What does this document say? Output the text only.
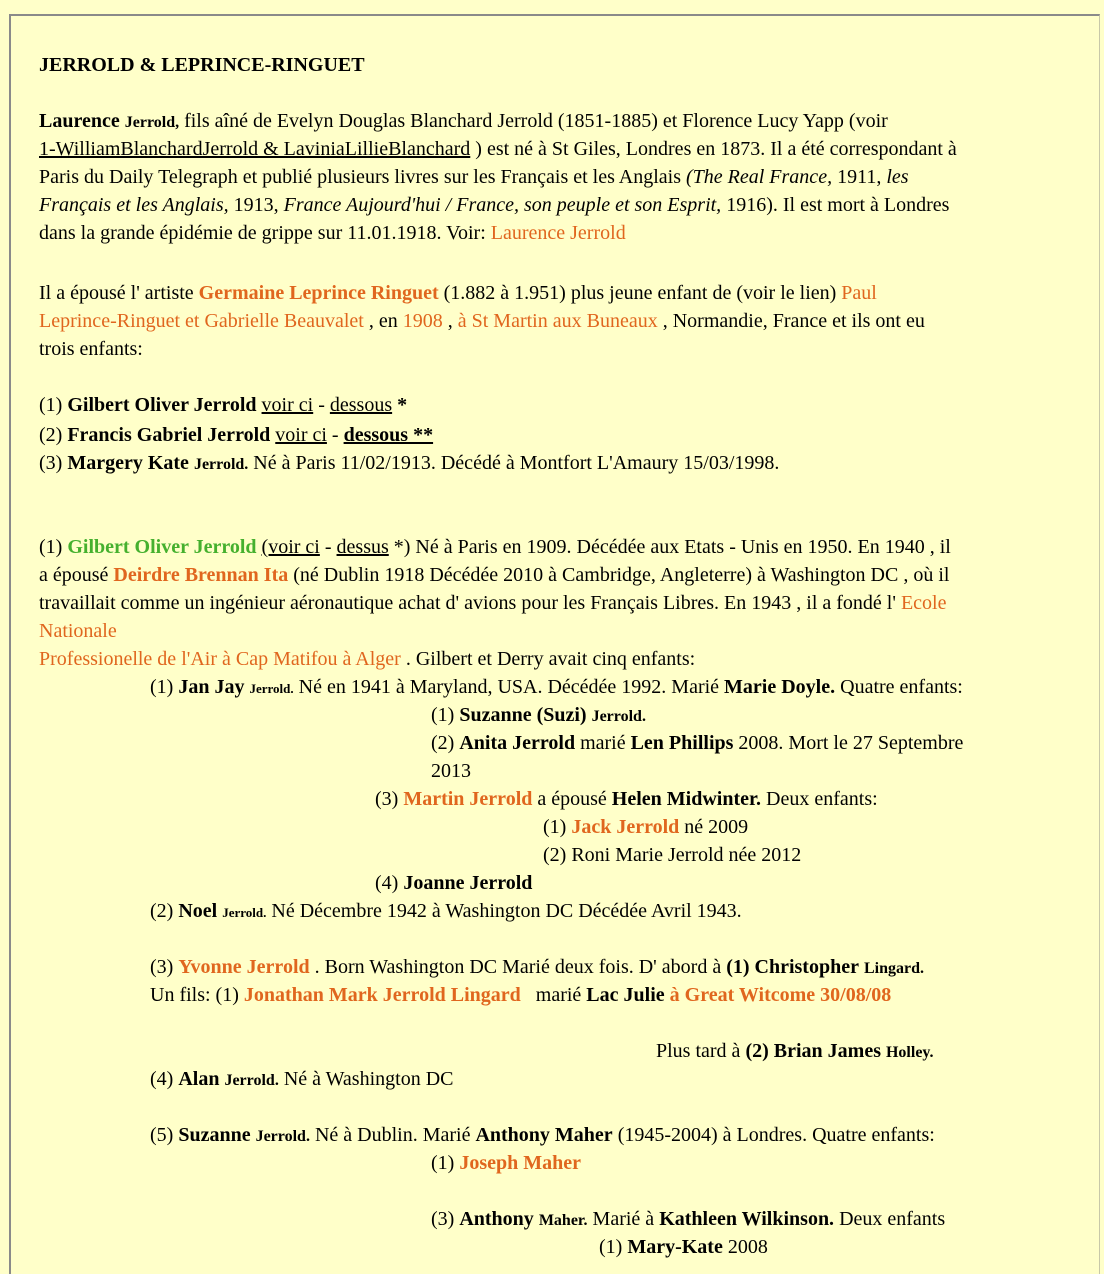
JERROLD & LEPRINCE-RINGUET
Laurence Jerrold, fils aîné de Evelyn Douglas Blanchard Jerrold (1851-1885) et Florence Lucy Yapp (voir
1-WilliamBlanchardJerrold & LaviniaLillieBlanchard ) est né à St Giles, Londres en 1873. Il a été correspondant à
Paris du Daily Telegraph et publié plusieurs livres sur les Français et les Anglais (The Real France, 1911, les
Français et les Anglais, 1913, France Aujourd'hui / France, son peuple et son Esprit, 1916). Il est mort à Londres
dans la grande épidémie de grippe sur 11.01.1918. Voir: Laurence Jerrold
Il a épousé l' artiste Germaine Leprince Ringuet (1.882 à 1.951) plus jeune enfant de (voir le lien) Paul
Leprince-Ringuet et Gabrielle Beauvalet , en 1908 , à St Martin aux Buneaux , Normandie, France et ils ont eu
trois enfants:
(1) Gilbert Oliver Jerrold voir ci - dessous *
(2) Francis Gabriel Jerrold voir ci - dessous **
(3) Margery Kate Jerrold. Né à Paris 11/02/1913. Décédé à Montfort L'Amaury 15/03/1998.
(1) Gilbert Oliver Jerrold (voir ci - dessus *) Né à Paris en 1909. Décédée aux Etats - Unis en 1950. En 1940 , il
a épousé Deirdre Brennan Ita (né Dublin 1918 Décédée 2010 à Cambridge, Angleterre) à Washington DC , où il
travaillait comme un ingénieur aéronautique achat d' avions pour les Français Libres. En 1943 , il a fondé l' Ecole
Nationale
Professionelle de l'Air à Cap Matifou à Alger . Gilbert et Derry avait cinq enfants:
(1) Jan Jay Jerrold. Né en 1941 à Maryland, USA. Décédée 1992. Marié Marie Doyle. Quatre enfants:
(1) Suzanne (Suzi) Jerrold.
(2) Anita Jerrold marié Len Phillips 2008. Mort le 27 Septembre
2013
(3) Martin Jerrold a épousé Helen Midwinter. Deux enfants:
(1) Jack Jerrold né 2009
(2) Roni Marie Jerrold née 2012
(4) Joanne Jerrold
(2) Noel Jerrold. Né Décembre 1942 à Washington DC Décédée Avril 1943.
(3) Yvonne Jerrold . Born Washington DC Marié deux fois. D' abord à (1) Christopher Lingard.
Un fils: (1) Jonathan Mark Jerrold Lingard   marié Lac Julie à Great Witcome 30/08/08
Plus tard à (2) Brian James Holley.
(4) Alan Jerrold. Né à Washington DC
(5) Suzanne Jerrold. Né à Dublin. Marié Anthony Maher (1945-2004) à Londres. Quatre enfants:
(1) Joseph Maher
(3) Anthony Maher. Marié à Kathleen Wilkinson. Deux enfants
(1) Mary-Kate 2008
